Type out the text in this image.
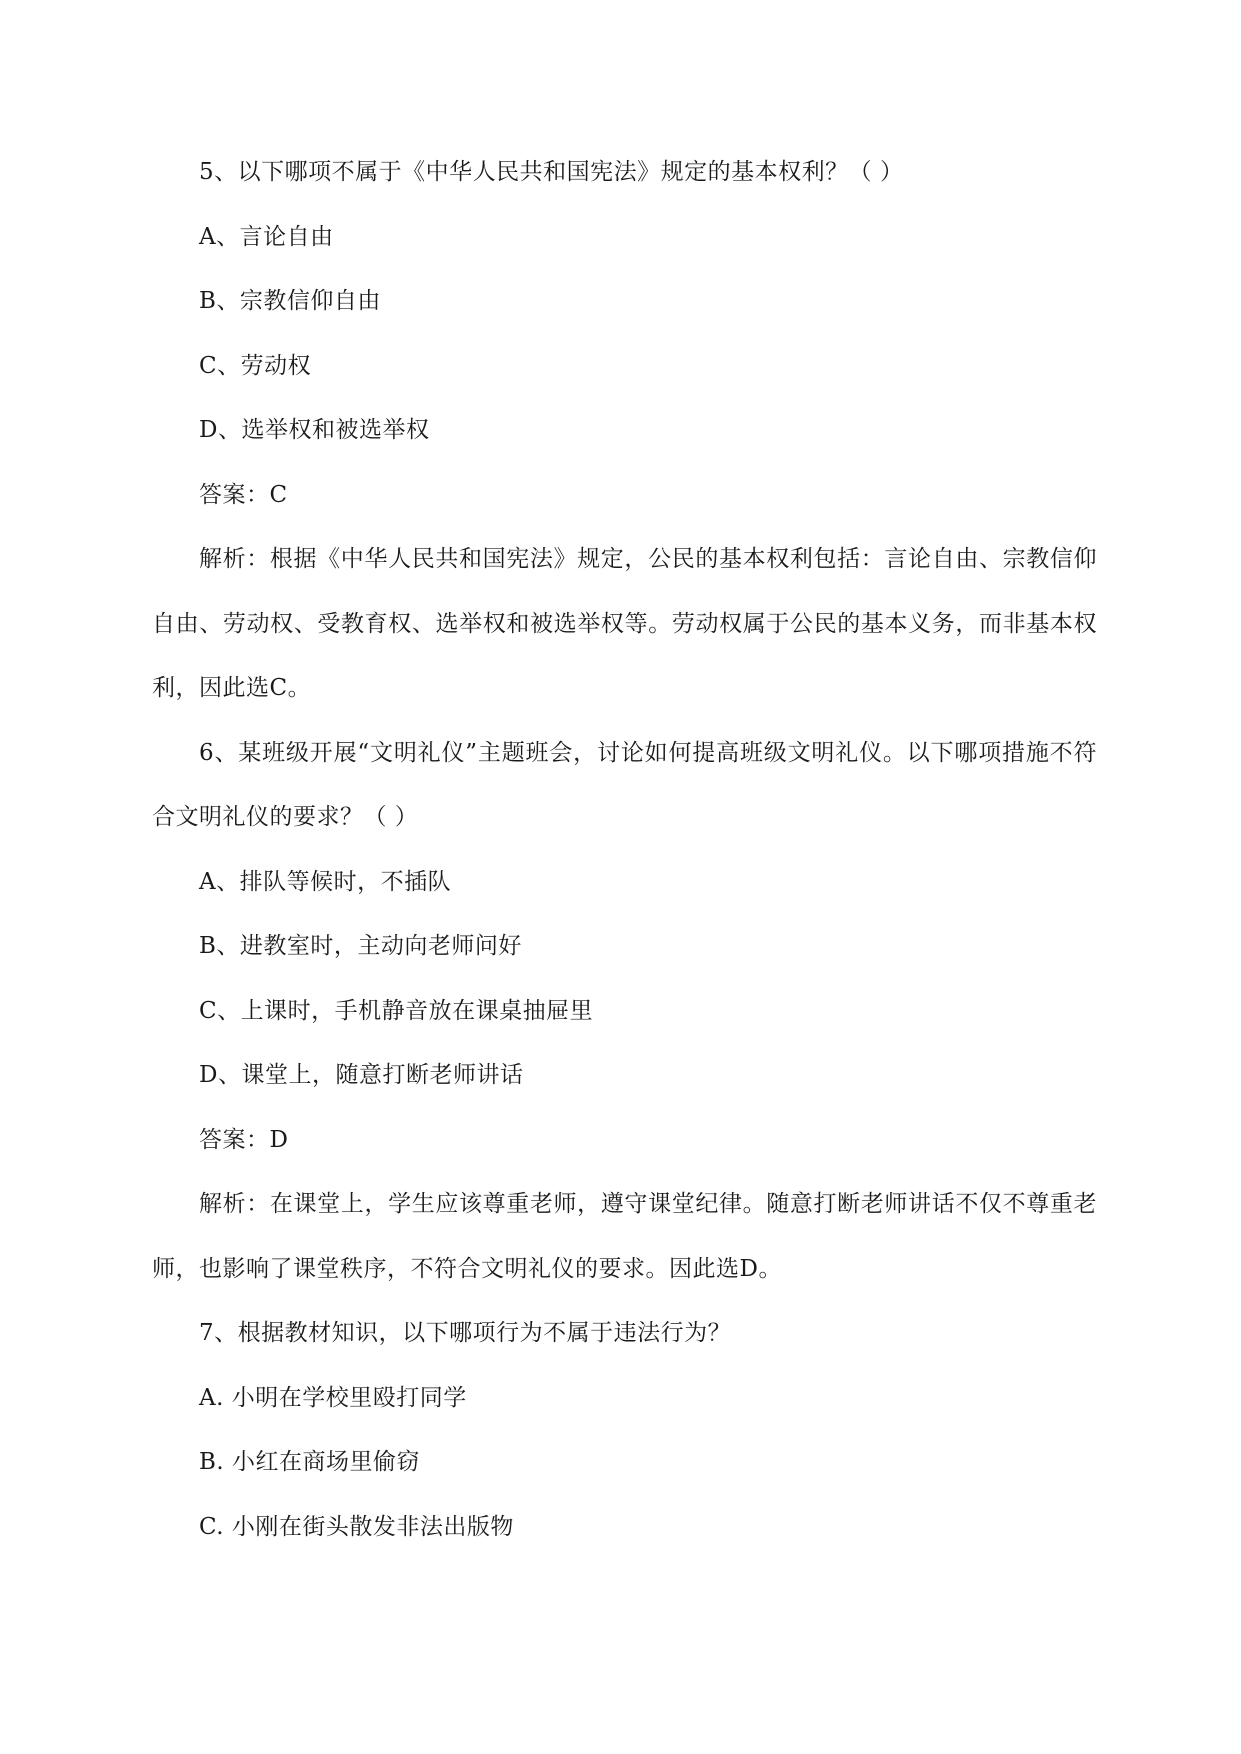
5、以下哪项不属于《中华人民共和国宪法》规定的基本权利？（ ）
A、言论自由
B、宗教信仰自由
C、劳动权
D、选举权和被选举权
答案：C

解析：根据《中华人民共和国宪法》规定，公民的基本权利包括：言论自由、宗教信仰自由、劳动权、受教育权、选举权和被选举权等。劳动权属于公民的基本义务，而非基本权利，因此选C。

6、某班级开展“文明礼仪”主题班会，讨论如何提高班级文明礼仪。以下哪项措施不符合文明礼仪的要求？（ ）

A、排队等候时，不插队
B、进教室时，主动向老师问好
C、上课时，手机静音放在课桌抽屉里
D、课堂上，随意打断老师讲话
答案：D

解析：在课堂上，学生应该尊重老师，遵守课堂纪律。随意打断老师讲话不仅不尊重老师，也影响了课堂秩序，不符合文明礼仪的要求。因此选D。

7、根据教材知识，以下哪项行为不属于违法行为？
A. 小明在学校里殴打同学
B. 小红在商场里偷窃
C. 小刚在街头散发非法出版物
